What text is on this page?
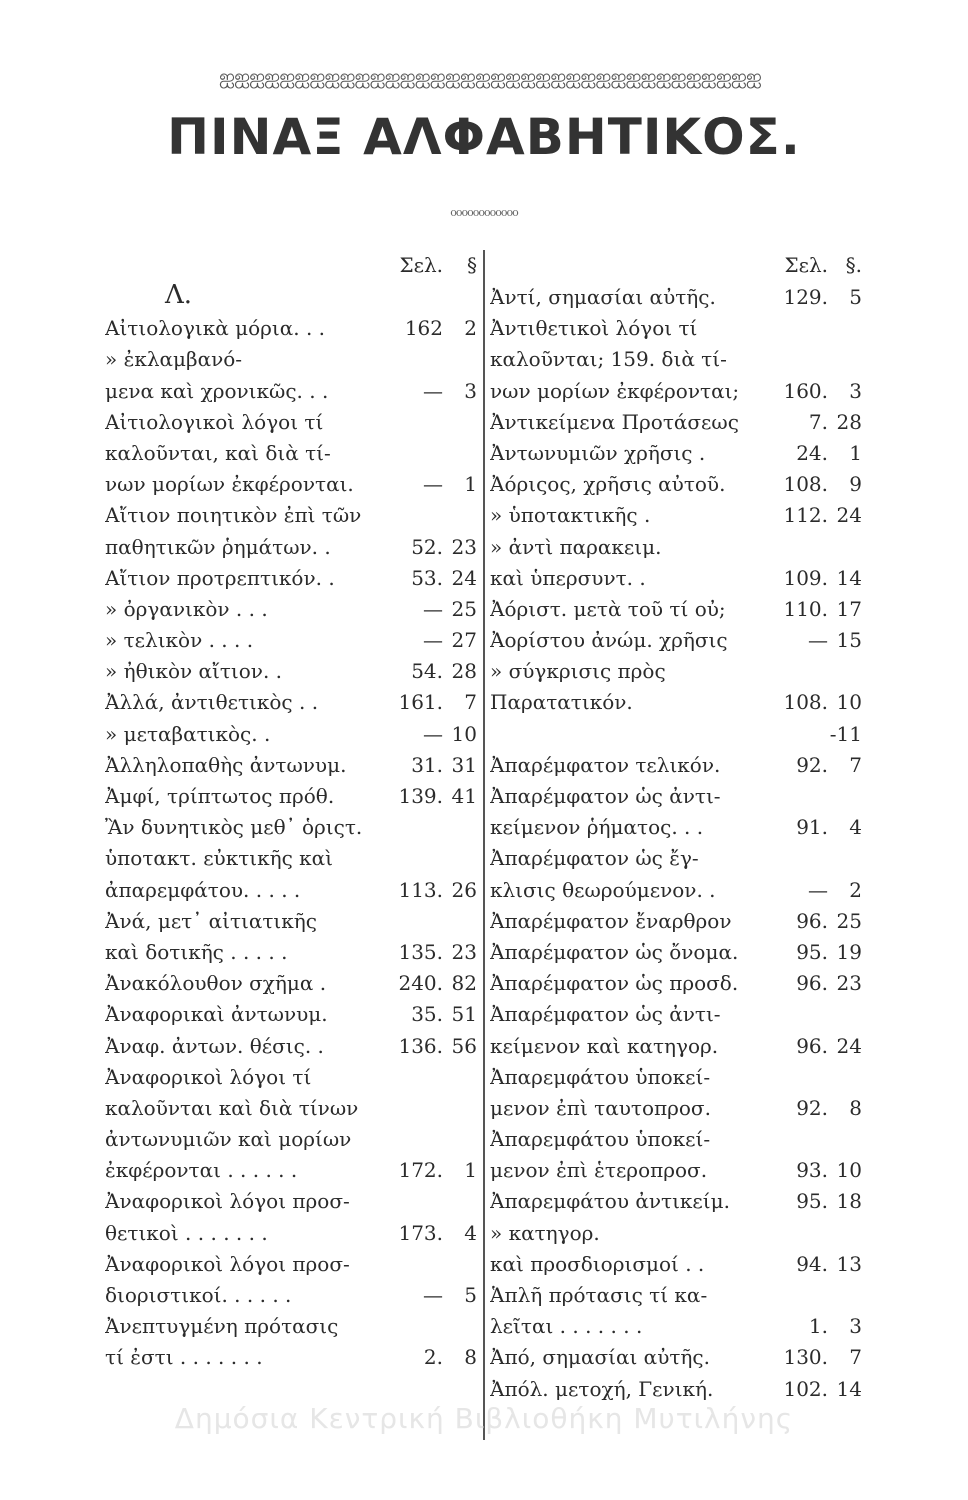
ஐஐஐஐஐஐஐஐஐஐஐஐஐஐஐஐஐஐஐஐஐஐஐஐஐஐஐஐஐஐஐஐஐஐஐஐ
ΠΙΝΑΞ ΑΛΦΑΒΗΤΙΚΟΣ.
oooooooooooo
Λ.
Σελ.	§
Αἰτιολογικὰ μόρια. . .	162	2
» ἐκλαμβανό-
μενα καὶ χρονικῶς. . .	—	3
Αἰτιολογικοὶ λόγοι τί
καλοῦνται, καὶ διὰ τί-
νων μορίων ἐκφέρονται.	—	1
Αἴτιον ποιητικὸν ἐπὶ τῶν
παθητικῶν ῥημάτων. .	52. 23
Αἴτιον προτρεπτικόν. .	53. 24
» ὀργανικὸν . . .	— 25
» τελικὸν . . . .	— 27
» ἠθικὸν αἴτιον. .	54. 28
Ἀλλά, ἀντιθετικὸς . .	161.	7
» μεταβατικὸς. .	— 10
Ἀλληλοπαθὴς ἀντωνυμ.	31. 31
Ἀμφί, τρίπτωτος πρόθ.	139. 41
Ἂν δυνητικὸς μεθ᾽ ὁριςτ.
ὑποτακτ. εὐκτικῆς καὶ
ἀπαρεμφάτου. . . . .	113. 26
Ἀνά, μετ᾽ αἰτιατικῆς
καὶ δοτικῆς . . . . .	135. 23
Ἀνακόλουθον σχῆμα .	240. 82
Ἀναφορικαὶ ἀντωνυμ.	35. 51
Ἀναφ. ἀντων. θέσις. .	136. 56
Ἀναφορικοὶ λόγοι τί
καλοῦνται καὶ διὰ τίνων
ἀντωνυμιῶν καὶ μορίων
ἐκφέρονται . . . . . .	172.	1
Ἀναφορικοὶ λόγοι προσ-
θετικοὶ . . . . . . .	173.	4
Ἀναφορικοὶ λόγοι προσ-
διοριστικοί. . . . . .	—	5
Ἀνεπτυγμένη πρότασις
τί ἐστι . . . . . . .	2.	8
Σελ. §.
Ἀντί, σημασίαι αὐτῆς.	129.	5
Ἀντιθετικοὶ λόγοι τί
καλοῦνται; 159. διὰ τί-
νων μορίων ἐκφέρονται;	160.	3
Ἀντικείμενα Προτάσεως	7. 28
Ἀντωνυμιῶν χρῆσις .	24.	1
Ἀόριςος, χρῆσις αὐτοῦ.	108.	9
» ὑποτακτικῆς .	112. 24
» ἀντὶ παρακειμ.
καὶ ὑπερσυντ. .	109. 14
Ἀόριστ. μετὰ τοῦ τί οὐ;	110. 17
Ἀορίστου ἀνώμ. χρῆσις	— 15
» σύγκρισις πρὸς
Παρατατικόν.	108. 10
-11
Ἀπαρέμφατον τελικόν.	92.	7
Ἀπαρέμφατον ὡς ἀντι-
κείμενον ῥήματος. . .	91.	4
Ἀπαρέμφατον ὡς ἔγ-
κλισις θεωρούμενον. .	—	2
Ἀπαρέμφατον ἔναρθρον	96. 25
Ἀπαρέμφατον ὡς ὄνομα.	95. 19
Ἀπαρέμφατον ὡς προσδ.	96. 23
Ἀπαρέμφατον ὡς ἀντι-
κείμενον καὶ κατηγορ.	96. 24
Ἀπαρεμφάτου ὑποκεί-
μενον ἐπὶ ταυτοπροσ.	92.	8
Ἀπαρεμφάτου ὑποκεί-
μενον ἐπὶ ἑτεροπροσ.	93. 10
Ἀπαρεμφάτου ἀντικείμ.	95. 18
» κατηγορ.
καὶ προσδιορισμοί . .	94. 13
Ἁπλῆ πρότασις τί κα-
λεῖται . . . . . . .	1.	3
Ἀπό, σημασίαι αὐτῆς.	130.	7
Ἀπόλ. μετοχή, Γενική.	102. 14
Δημόσια Κεντρική Βιβλιοθήκη Μυτιλήνης
